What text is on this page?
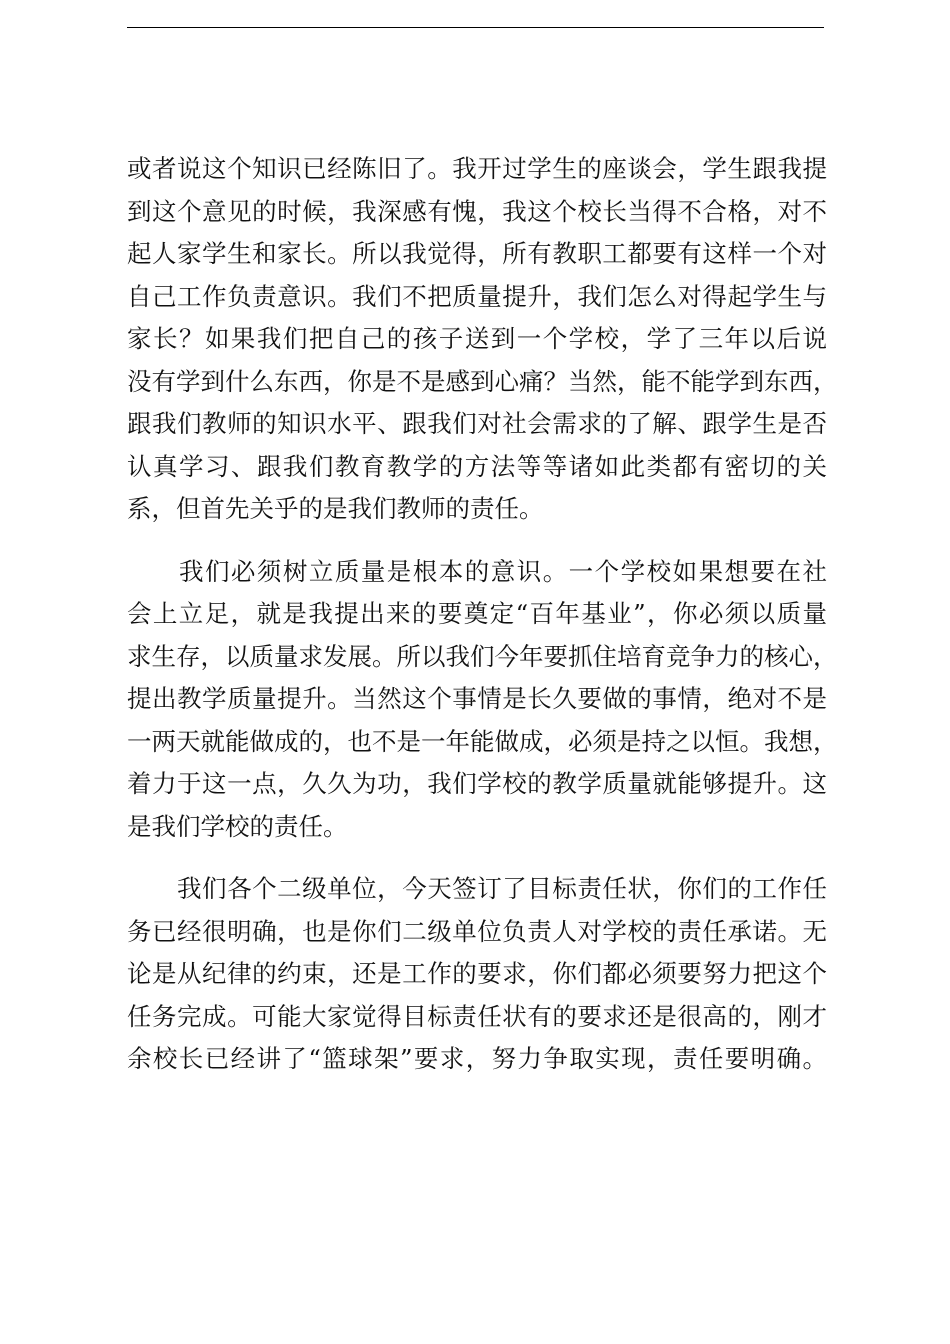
或者说这个知识已经陈旧了。我开过学生的座谈会，学生跟我提
到这个意见的时候，我深感有愧，我这个校长当得不合格，对不
起人家学生和家长。所以我觉得，所有教职工都要有这样一个对
自己工作负责意识。我们不把质量提升，我们怎么对得起学生与
家长？如果我们把自己的孩子送到一个学校，学了三年以后说
没有学到什么东西，你是不是感到心痛？当然，能不能学到东西，
跟我们教师的知识水平、跟我们对社会需求的了解、跟学生是否
认真学习、跟我们教育教学的方法等等诸如此类都有密切的关
系，但首先关乎的是我们教师的责任。
　　我们必须树立质量是根本的意识。一个学校如果想要在社
会上立足，就是我提出来的要奠定“百年基业”，你必须以质量
求生存，以质量求发展。所以我们今年要抓住培育竞争力的核心，
提出教学质量提升。当然这个事情是长久要做的事情，绝对不是
一两天就能做成的，也不是一年能做成，必须是持之以恒。我想，
着力于这一点，久久为功，我们学校的教学质量就能够提升。这
是我们学校的责任。
　　我们各个二级单位，今天签订了目标责任状，你们的工作任
务已经很明确，也是你们二级单位负责人对学校的责任承诺。无
论是从纪律的约束，还是工作的要求，你们都必须要努力把这个
任务完成。可能大家觉得目标责任状有的要求还是很高的，刚才
余校长已经讲了“篮球架”要求，努力争取实现，责任要明确。
